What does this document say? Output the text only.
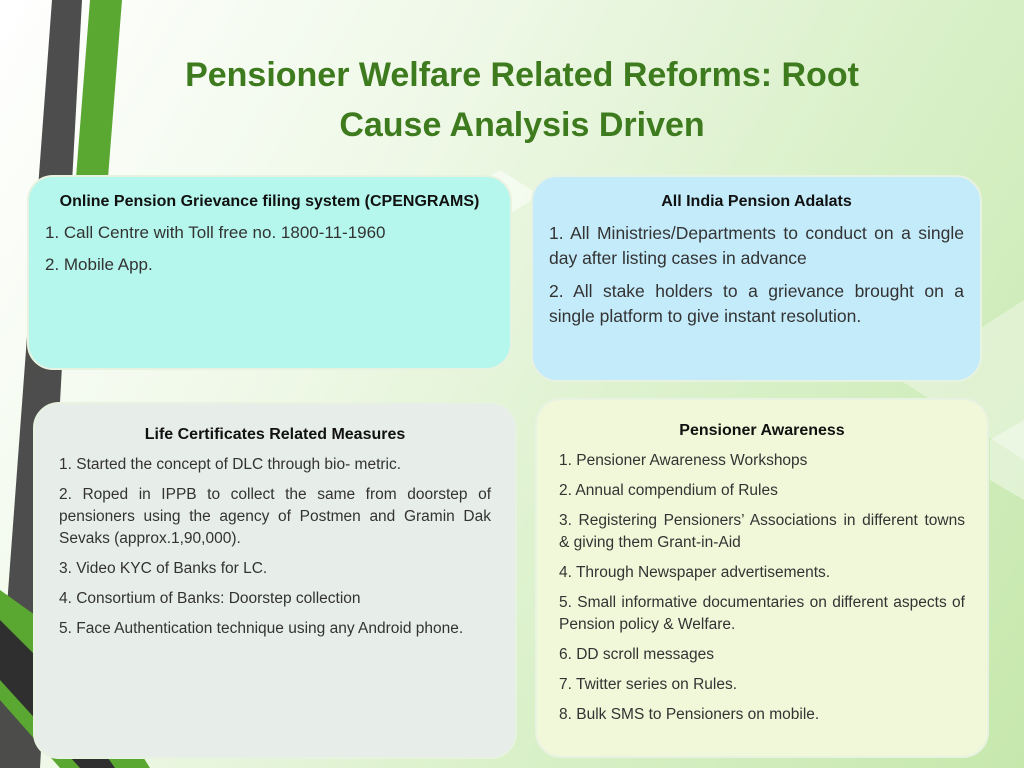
Pensioner Welfare Related Reforms: Root Cause Analysis Driven
Online Pension Grievance filing system (CPENGRAMS)

1. Call Centre with Toll free no. 1800-11-1960

2. Mobile App.

All India Pension Adalats

1. All Ministries/Departments to conduct on a single day after listing cases in advance

2. All stake holders to a grievance brought on a single platform to give instant resolution.

Life Certificates Related Measures

1. Started the concept of DLC through bio- metric.

2. Roped in IPPB to collect the same from doorstep of pensioners using the agency of Postmen and Gramin Dak Sevaks (approx.1,90,000).

3. Video KYC of Banks for LC.

4. Consortium of Banks: Doorstep collection

5. Face Authentication technique using any Android phone.

Pensioner Awareness

1. Pensioner Awareness Workshops

2. Annual compendium of Rules

3. Registering Pensioners’ Associations in different towns & giving them Grant-in-Aid

4. Through Newspaper advertisements.

5. Small informative documentaries on different aspects of Pension policy & Welfare.

6. DD scroll messages

7. Twitter series on Rules.

8. Bulk SMS to Pensioners on mobile.
